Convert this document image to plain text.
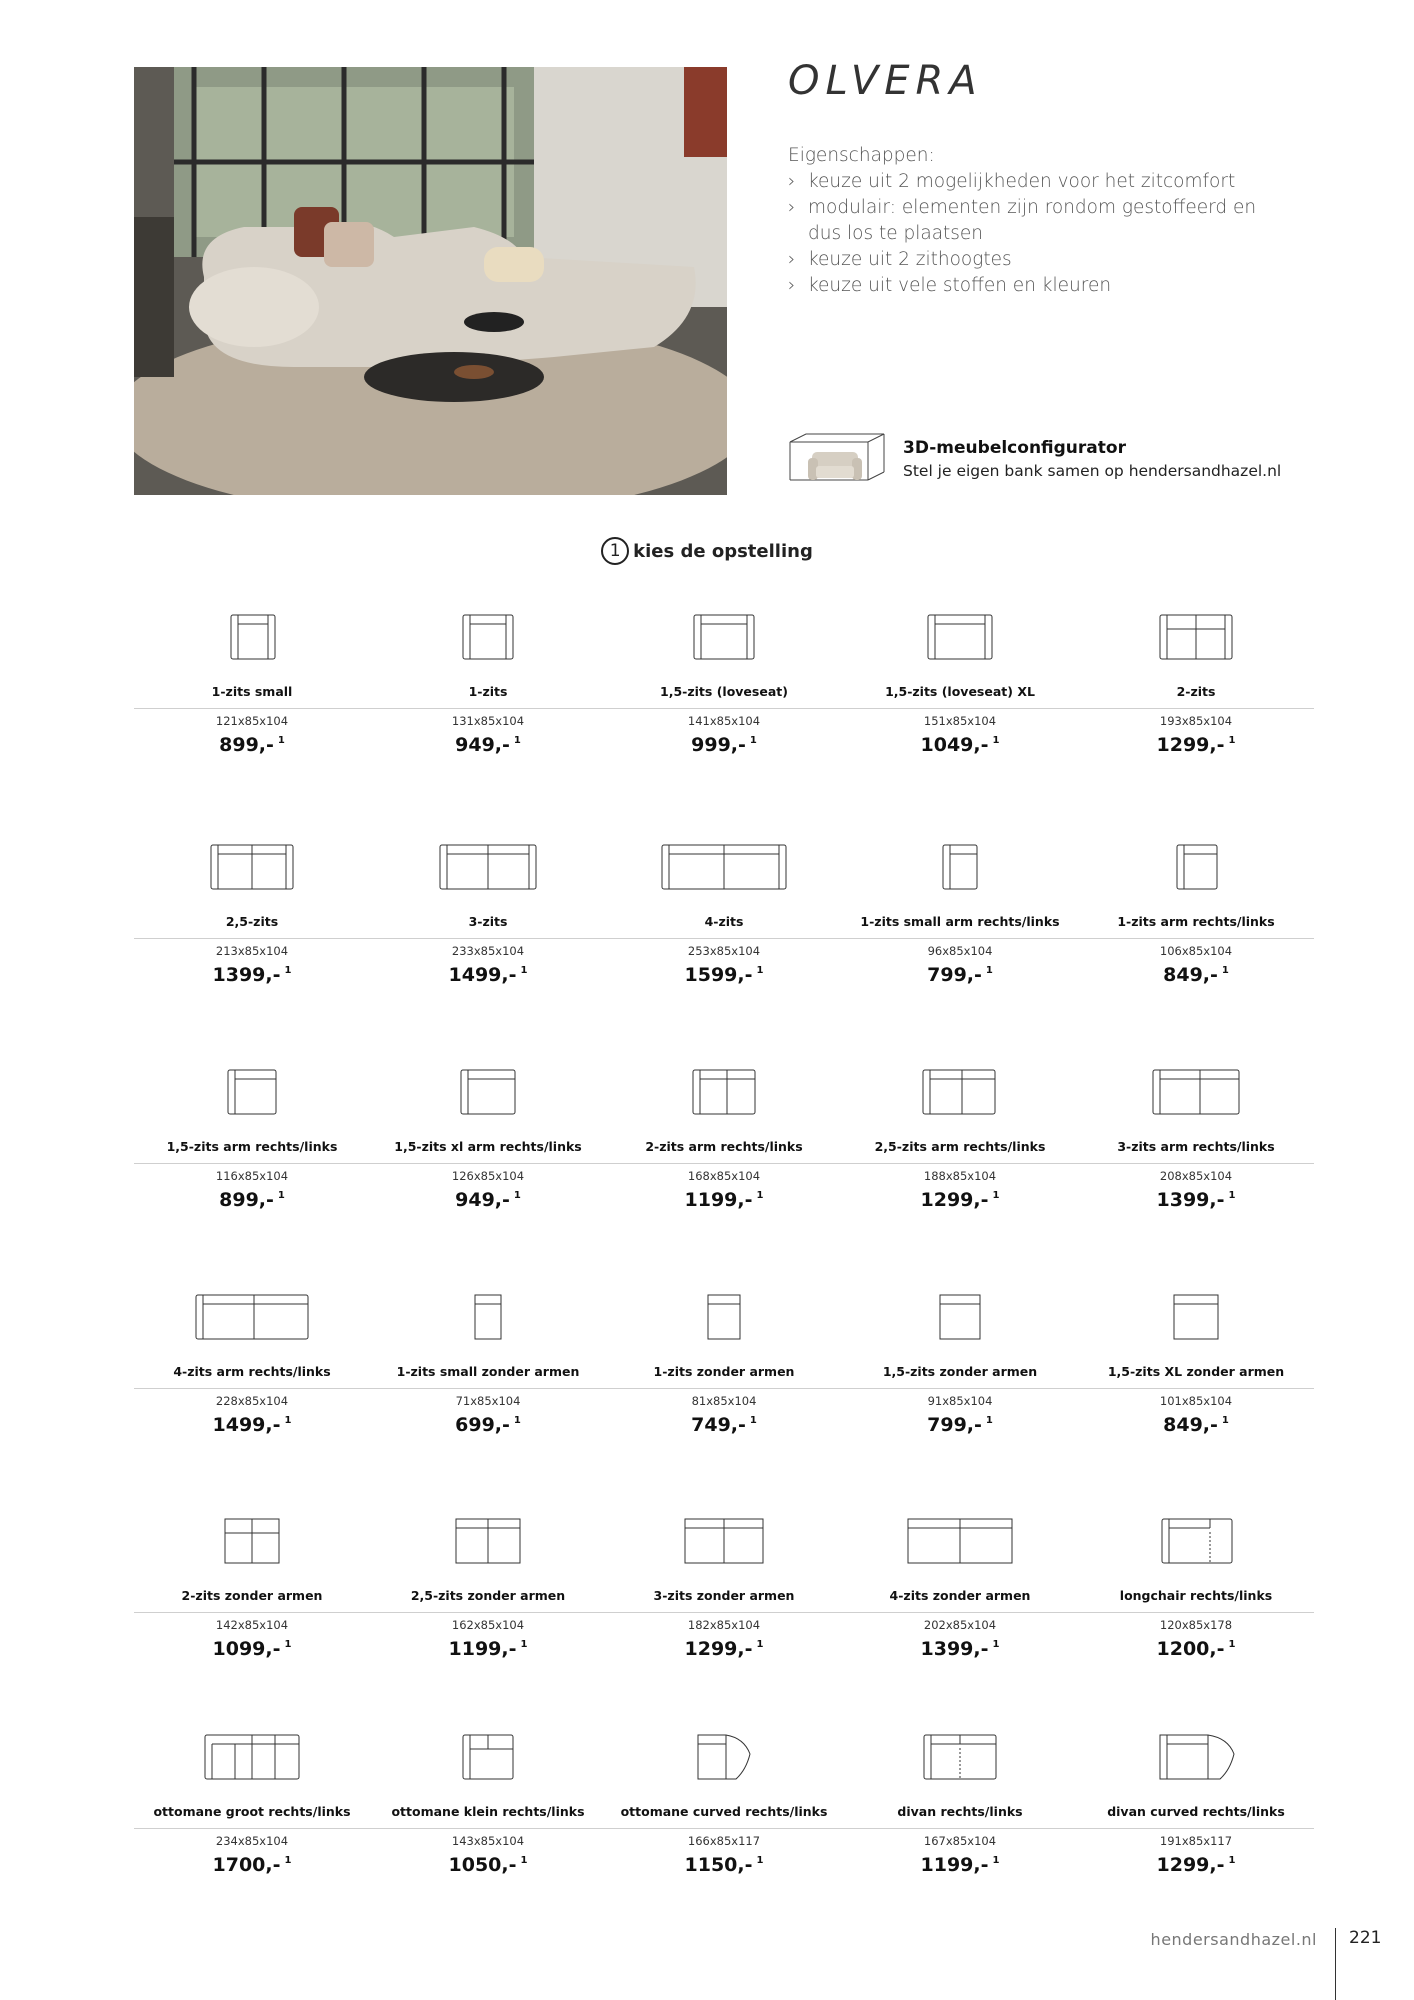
OLVERA
Eigenschappen:
› keuze uit 2 mogelijkheden voor het zitcomfort
› modulair: elementen zijn rondom gestoffeerd en dus los te plaatsen
› keuze uit 2 zithoogtes
› keuze uit vele stoffen en kleuren
3D-meubelconfigurator
Stel je eigen bank samen op hendersandhazel.nl
1 kies de opstelling
1-zits small
121x85x104
899,- $^1$
1-zits
131x85x104
949,- $^1$
1,5-zits (loveseat)
141x85x104
999,- $^1$
1,5-zits (loveseat) XL
151x85x104
1049,- $^1$
2-zits
193x85x104
1299,- $^1$
2,5-zits
213x85x104
1399,- $^1$
3-zits
233x85x104
1499,- $^1$
4-zits
253x85x104
1599,- $^1$
1-zits small arm rechts/links
96x85x104
799,- $^1$
1-zits arm rechts/links
106x85x104
849,- $^1$
1,5-zits arm rechts/links
116x85x104
899,- $^1$
1,5-zits xl arm rechts/links
126x85x104
949,- $^1$
2-zits arm rechts/links
168x85x104
1199,- $^1$
2,5-zits arm rechts/links
188x85x104
1299,- $^1$
3-zits arm rechts/links
208x85x104
1399,- $^1$
4-zits arm rechts/links
228x85x104
1499,- $^1$
1-zits small zonder armen
71x85x104
699,- $^1$
1-zits zonder armen
81x85x104
749,- $^1$
1,5-zits zonder armen
91x85x104
799,- $^1$
1,5-zits XL zonder armen
101x85x104
849,- $^1$
2-zits zonder armen
142x85x104
1099,- $^1$
2,5-zits zonder armen
162x85x104
1199,- $^1$
3-zits zonder armen
182x85x104
1299,- $^1$
4-zits zonder armen
202x85x104
1399,- $^1$
longchair rechts/links
120x85x178
1200,- $^1$
ottomane groot rechts/links
234x85x104
1700,- $^1$
ottomane klein rechts/links
143x85x104
1050,- $^1$
ottomane curved rechts/links
166x85x117
1150,- $^1$
divan rechts/links
167x85x104
1199,- $^1$
divan curved rechts/links
191x85x117
1299,- $^1$
hendersandhazel.nl 221
